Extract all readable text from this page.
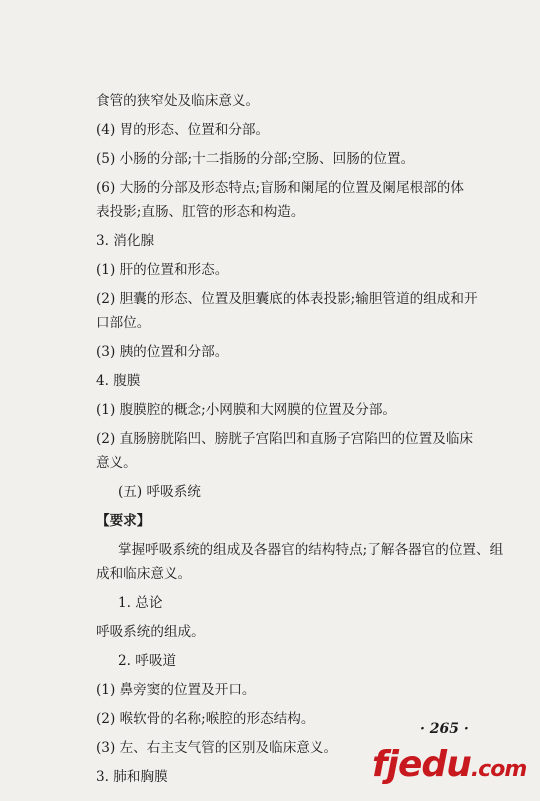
食管的狭窄处及临床意义。
(4) 胃的形态、位置和分部。
(5) 小肠的分部;十二指肠的分部;空肠、回肠的位置。
(6) 大肠的分部及形态特点;盲肠和阑尾的位置及阑尾根部的体
表投影;直肠、肛管的形态和构造。
3. 消化腺
(1) 肝的位置和形态。
(2) 胆囊的形态、位置及胆囊底的体表投影;输胆管道的组成和开
口部位。
(3) 胰的位置和分部。
4. 腹膜
(1) 腹膜腔的概念;小网膜和大网膜的位置及分部。
(2) 直肠膀胱陷凹、膀胱子宫陷凹和直肠子宫陷凹的位置及临床
意义。
(五) 呼吸系统
【要求】
掌握呼吸系统的组成及各器官的结构特点;了解各器官的位置、组
成和临床意义。
1. 总论
呼吸系统的组成。
2. 呼吸道
(1) 鼻旁窦的位置及开口。
(2) 喉软骨的名称;喉腔的形态结构。
(3) 左、右主支气管的区别及临床意义。
3. 肺和胸膜
· 265 ·
fjedu.com
